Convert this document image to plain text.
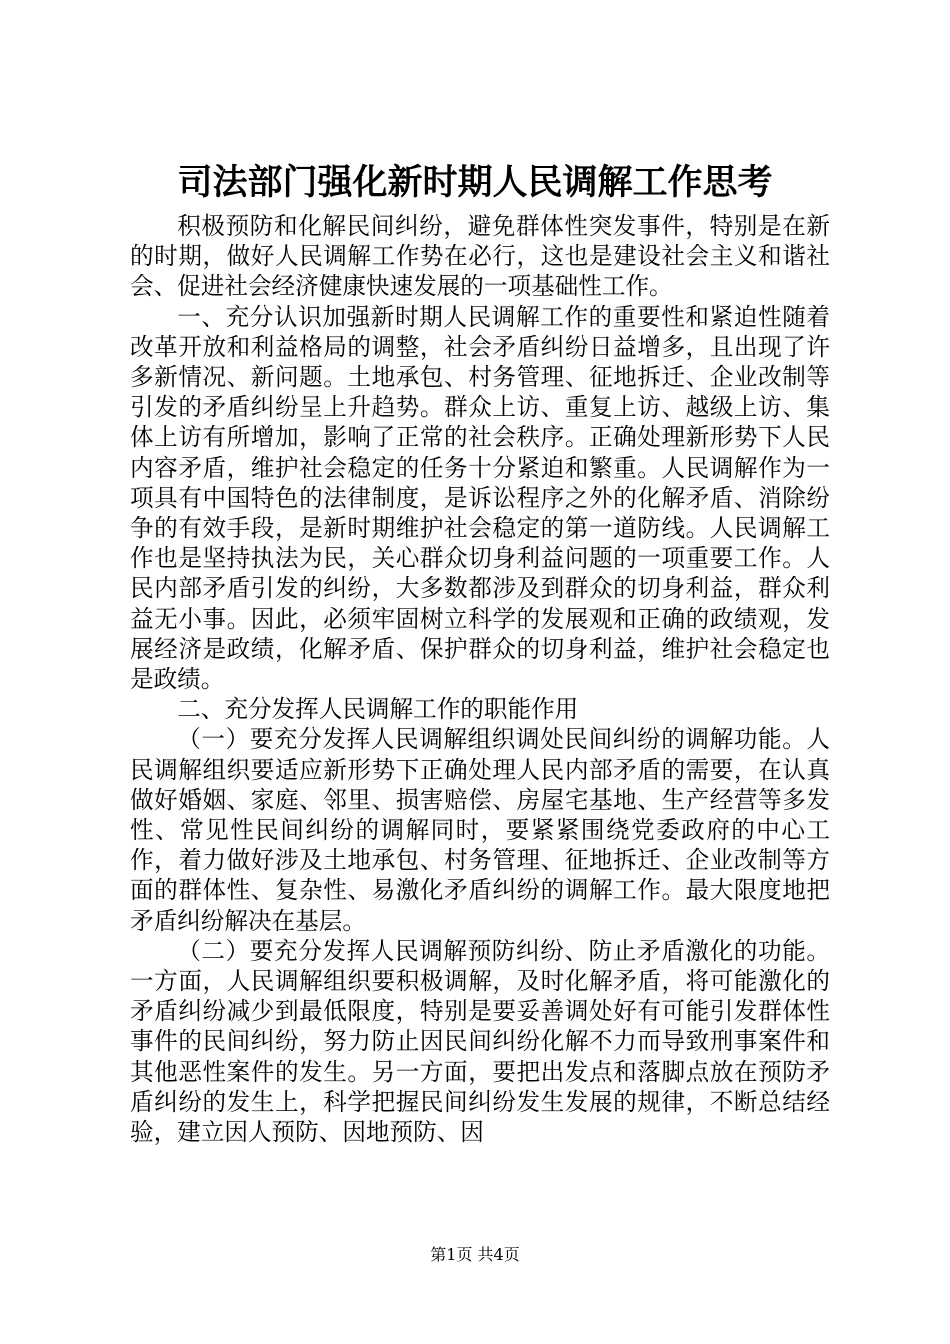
司法部门强化新时期人民调解工作思考

积极预防和化解民间纠纷，避免群体性突发事件，特别是在新的时期，做好人民调解工作势在必行，这也是建设社会主义和谐社会、促进社会经济健康快速发展的一项基础性工作。

一、充分认识加强新时期人民调解工作的重要性和紧迫性随着改革开放和利益格局的调整，社会矛盾纠纷日益增多，且出现了许多新情况、新问题。土地承包、村务管理、征地拆迁、企业改制等引发的矛盾纠纷呈上升趋势。群众上访、重复上访、越级上访、集体上访有所增加，影响了正常的社会秩序。正确处理新形势下人民内容矛盾，维护社会稳定的任务十分紧迫和繁重。人民调解作为一项具有中国特色的法律制度，是诉讼程序之外的化解矛盾、消除纷争的有效手段，是新时期维护社会稳定的第一道防线。人民调解工作也是坚持执法为民，关心群众切身利益问题的一项重要工作。人民内部矛盾引发的纠纷，大多数都涉及到群众的切身利益，群众利益无小事。因此，必须牢固树立科学的发展观和正确的政绩观，发展经济是政绩，化解矛盾、保护群众的切身利益，维护社会稳定也是政绩。

二、充分发挥人民调解工作的职能作用

（一）要充分发挥人民调解组织调处民间纠纷的调解功能。人民调解组织要适应新形势下正确处理人民内部矛盾的需要，在认真做好婚姻、家庭、邻里、损害赔偿、房屋宅基地、生产经营等多发性、常见性民间纠纷的调解同时，要紧紧围绕党委政府的中心工作，着力做好涉及土地承包、村务管理、征地拆迁、企业改制等方面的群体性、复杂性、易激化矛盾纠纷的调解工作。最大限度地把矛盾纠纷解决在基层。

（二）要充分发挥人民调解预防纠纷、防止矛盾激化的功能。一方面，人民调解组织要积极调解，及时化解矛盾，将可能激化的矛盾纠纷减少到最低限度，特别是要妥善调处好有可能引发群体性事件的民间纠纷，努力防止因民间纠纷化解不力而导致刑事案件和其他恶性案件的发生。另一方面，要把出发点和落脚点放在预防矛盾纠纷的发生上，科学把握民间纠纷发生发展的规律，不断总结经验，建立因人预防、因地预防、因

第1页 共4页
